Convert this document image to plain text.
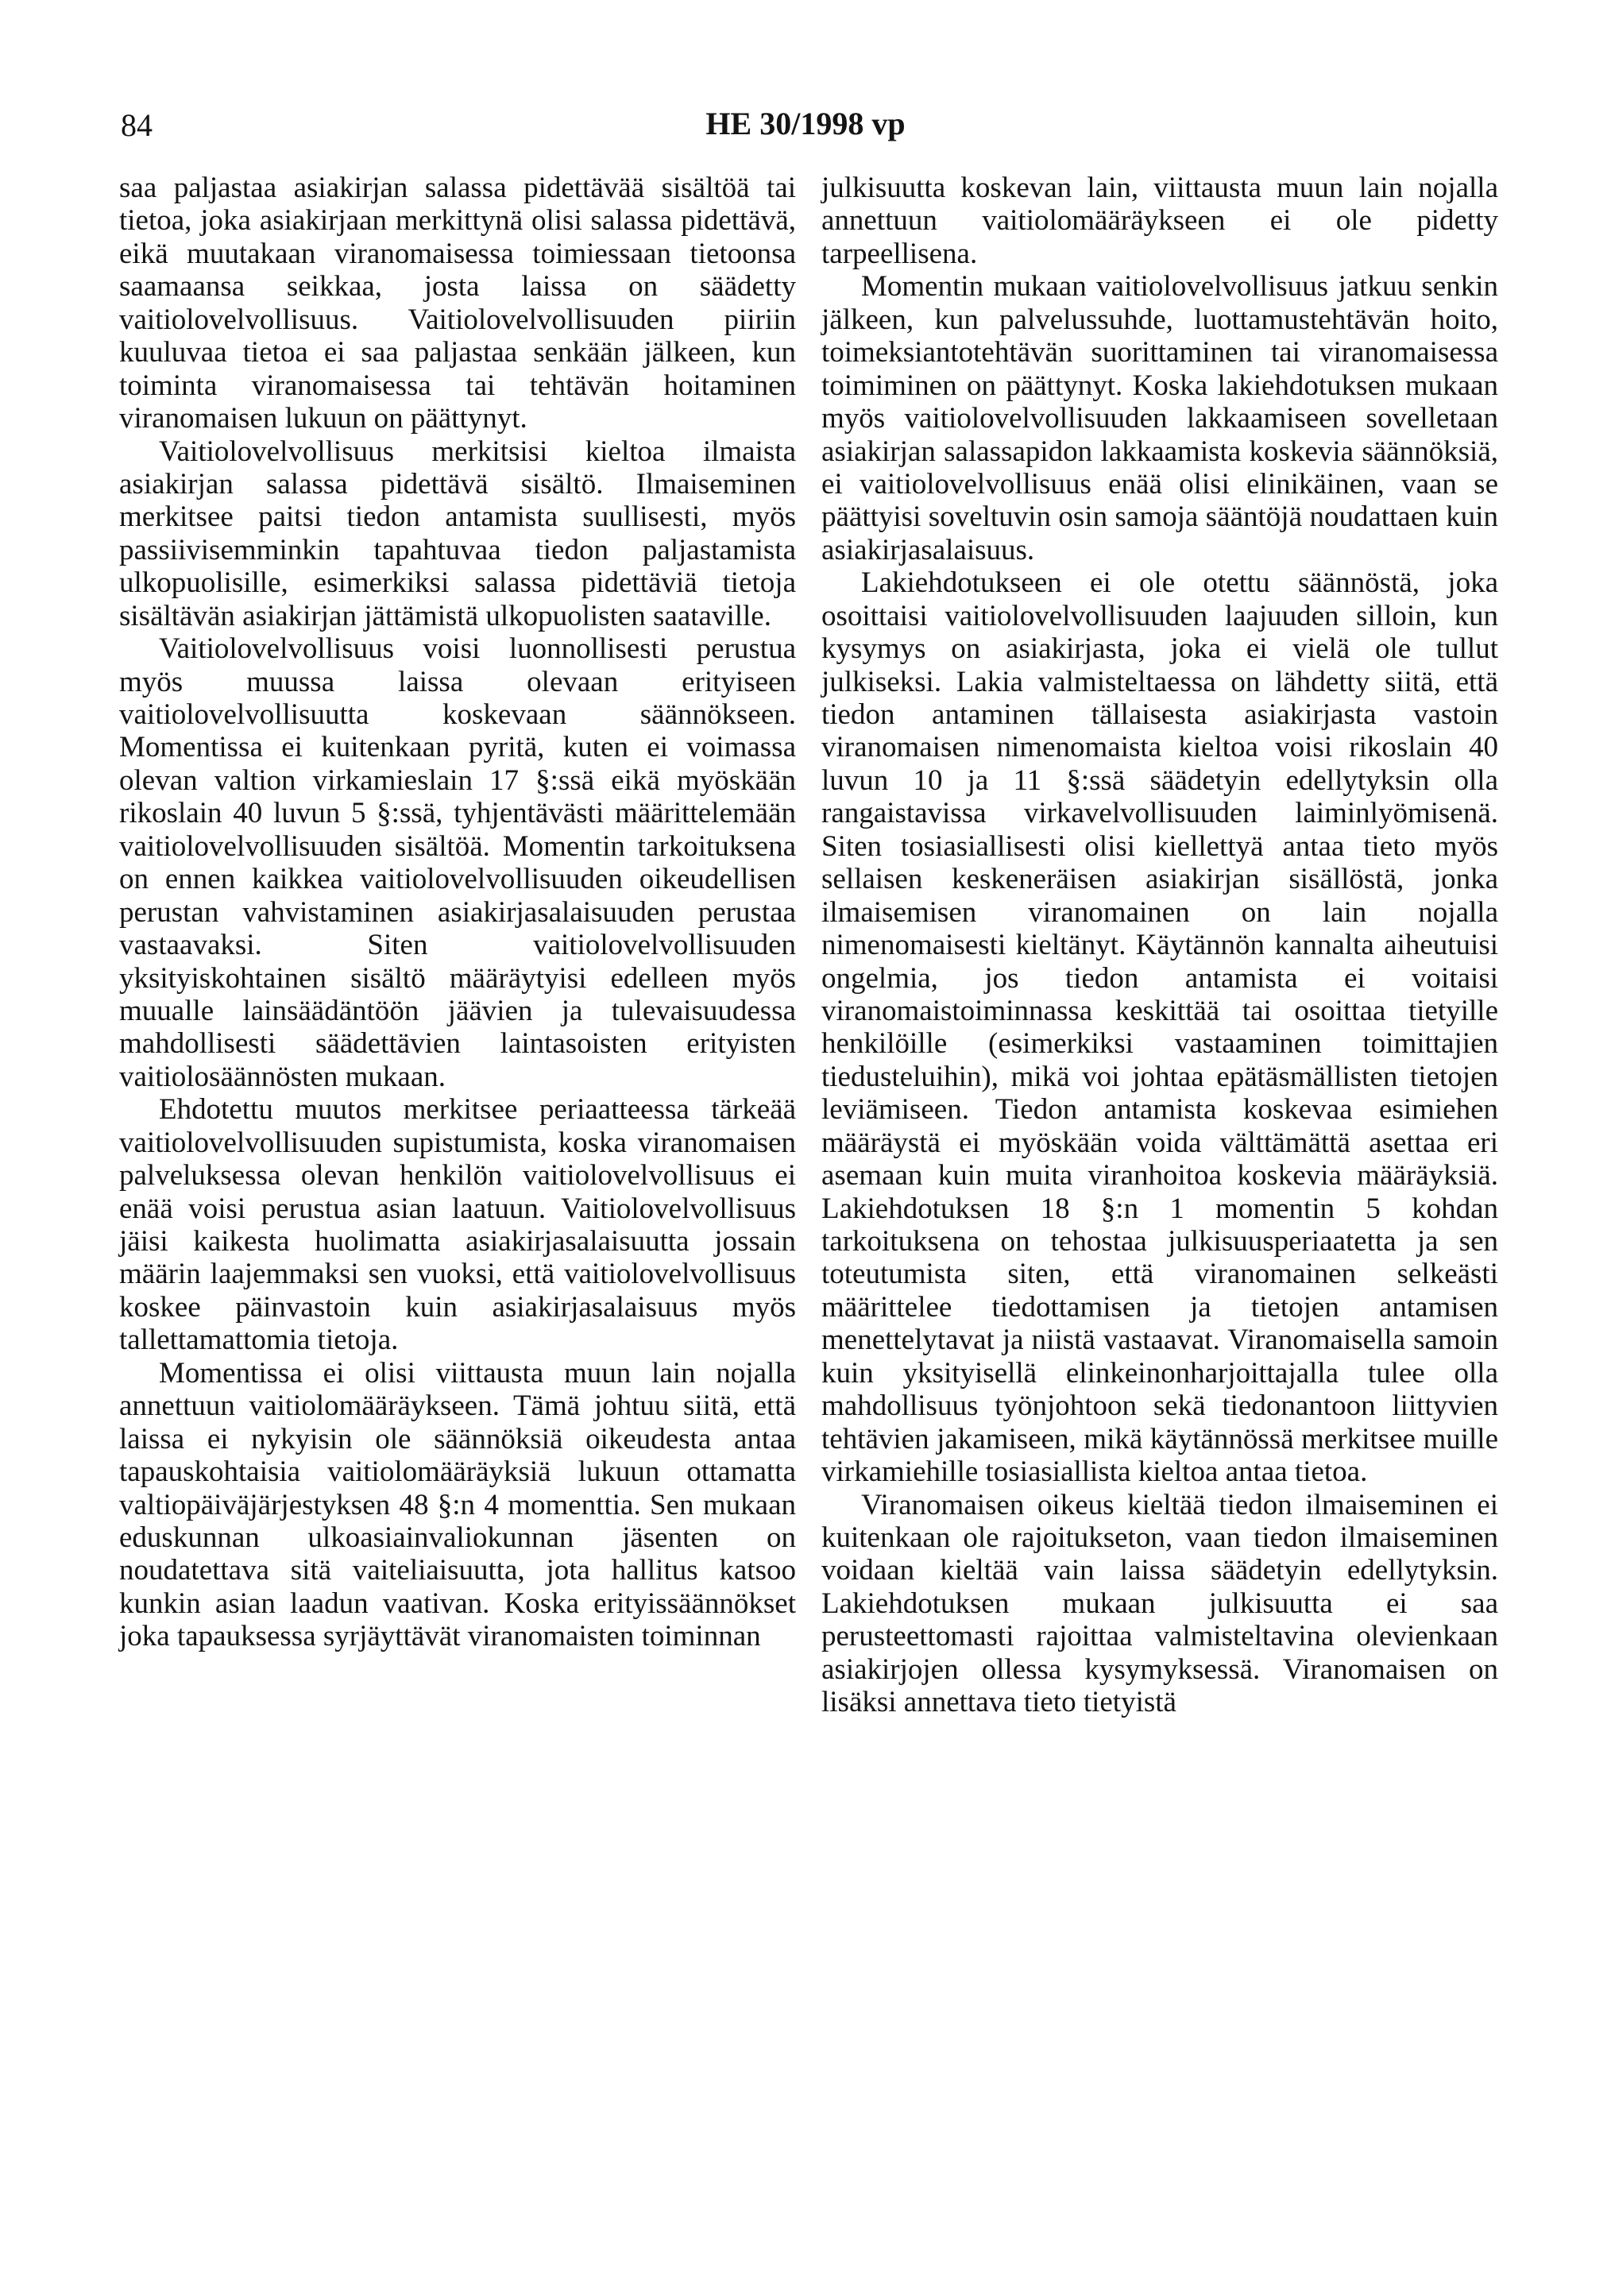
84	HE 30/1998 vp

saa paljastaa asiakirjan salassa pidettävää sisältöä tai tietoa, joka asiakirjaan merkittynä olisi salassa pidettävä, eikä muutakaan viranomaisessa toimiessaan tietoonsa saamaansa seikkaa, josta laissa on säädetty vaitiolovelvollisuus. Vaitiolovelvollisuuden piiriin kuuluvaa tietoa ei saa paljastaa senkään jälkeen, kun toiminta viranomaisessa tai tehtävän hoitaminen viranomaisen lukuun on päättynyt.

Vaitiolovelvollisuus merkitsisi kieltoa ilmaista asiakirjan salassa pidettävä sisältö. Ilmaiseminen merkitsee paitsi tiedon antamista suullisesti, myös passiivisemminkin tapahtuvaa tiedon paljastamista ulkopuolisille, esimerkiksi salassa pidettäviä tietoja sisältävän asiakirjan jättämistä ulkopuolisten saataville.

Vaitiolovelvollisuus voisi luonnollisesti perustua myös muussa laissa olevaan erityiseen vaitiolovelvollisuutta koskevaan säännökseen. Momentissa ei kuitenkaan pyritä, kuten ei voimassa olevan valtion virkamieslain 17 §:ssä eikä myöskään rikoslain 40 luvun 5 §:ssä, tyhjentävästi määrittelemään vaitiolovelvollisuuden sisältöä. Momentin tarkoituksena on ennen kaikkea vaitiolovelvollisuuden oikeudellisen perustan vahvistaminen asiakirjasalaisuuden perustaa vastaavaksi. Siten vaitiolovelvollisuuden yksityiskohtainen sisältö määräytyisi edelleen myös muualle lainsäädäntöön jäävien ja tulevaisuudessa mahdollisesti säädettävien laintasoisten erityisten vaitiolosäännösten mukaan.

Ehdotettu muutos merkitsee periaatteessa tärkeää vaitiolovelvollisuuden supistumista, koska viranomaisen palveluksessa olevan henkilön vaitiolovelvollisuus ei enää voisi perustua asian laatuun. Vaitiolovelvollisuus jäisi kaikesta huolimatta asiakirjasalaisuutta jossain määrin laajemmaksi sen vuoksi, että vaitiolovelvollisuus koskee päinvastoin kuin asiakirjasalaisuus myös tallettamattomia tietoja.

Momentissa ei olisi viittausta muun lain nojalla annettuun vaitiolomääräykseen. Tämä johtuu siitä, että laissa ei nykyisin ole säännöksiä oikeudesta antaa tapauskohtaisia vaitiolomääräyksiä lukuun ottamatta valtiopäiväjärjestyksen 48 §:n 4 momenttia. Sen mukaan eduskunnan ulkoasiainvaliokunnan jäsenten on noudatettava sitä vaiteliaisuutta, jota hallitus katsoo kunkin asian laadun vaativan. Koska erityissäännökset joka tapauksessa syrjäyttävät viranomaisten toiminnan

julkisuutta koskevan lain, viittausta muun lain nojalla annettuun vaitiolomääräykseen ei ole pidetty tarpeellisena.

Momentin mukaan vaitiolovelvollisuus jatkuu senkin jälkeen, kun palvelussuhde, luottamustehtävän hoito, toimeksiantotehtävän suorittaminen tai viranomaisessa toimiminen on päättynyt. Koska lakiehdotuksen mukaan myös vaitiolovelvollisuuden lakkaamiseen sovelletaan asiakirjan salassapidon lakkaamista koskevia säännöksiä, ei vaitiolovelvollisuus enää olisi elinikäinen, vaan se päättyisi soveltuvin osin samoja sääntöjä noudattaen kuin asiakirjasalaisuus.

Lakiehdotukseen ei ole otettu säännöstä, joka osoittaisi vaitiolovelvollisuuden laajuuden silloin, kun kysymys on asiakirjasta, joka ei vielä ole tullut julkiseksi. Lakia valmisteltaessa on lähdetty siitä, että tiedon antaminen tällaisesta asiakirjasta vastoin viranomaisen nimenomaista kieltoa voisi rikoslain 40 luvun 10 ja 11 §:ssä säädetyin edellytyksin olla rangaistavissa virkavelvollisuuden laiminlyömisenä. Siten tosiasiallisesti olisi kiellettyä antaa tieto myös sellaisen keskeneräisen asiakirjan sisällöstä, jonka ilmaisemisen viranomainen on lain nojalla nimenomaisesti kieltänyt. Käytännön kannalta aiheutuisi ongelmia, jos tiedon antamista ei voitaisi viranomaistoiminnassa keskittää tai osoittaa tietyille henkilöille (esimerkiksi vastaaminen toimittajien tiedusteluihin), mikä voi johtaa epätäsmällisten tietojen leviämiseen. Tiedon antamista koskevaa esimiehen määräystä ei myöskään voida välttämättä asettaa eri asemaan kuin muita viranhoitoa koskevia määräyksiä. Lakiehdotuksen 18 §:n 1 momentin 5 kohdan tarkoituksena on tehostaa julkisuusperiaatetta ja sen toteutumista siten, että viranomainen selkeästi määrittelee tiedottamisen ja tietojen antamisen menettelytavat ja niistä vastaavat. Viranomaisella samoin kuin yksityisellä elinkeinonharjoittajalla tulee olla mahdollisuus työnjohtoon sekä tiedonantoon liittyvien tehtävien jakamiseen, mikä käytännössä merkitsee muille virkamiehille tosiasiallista kieltoa antaa tietoa.

Viranomaisen oikeus kieltää tiedon ilmaiseminen ei kuitenkaan ole rajoitukseton, vaan tiedon ilmaiseminen voidaan kieltää vain laissa säädetyin edellytyksin. Lakiehdotuksen mukaan julkisuutta ei saa perusteettomasti rajoittaa valmisteltavina olevienkaan asiakirjojen ollessa kysymyksessä. Viranomaisen on lisäksi annettava tieto tietyistä
